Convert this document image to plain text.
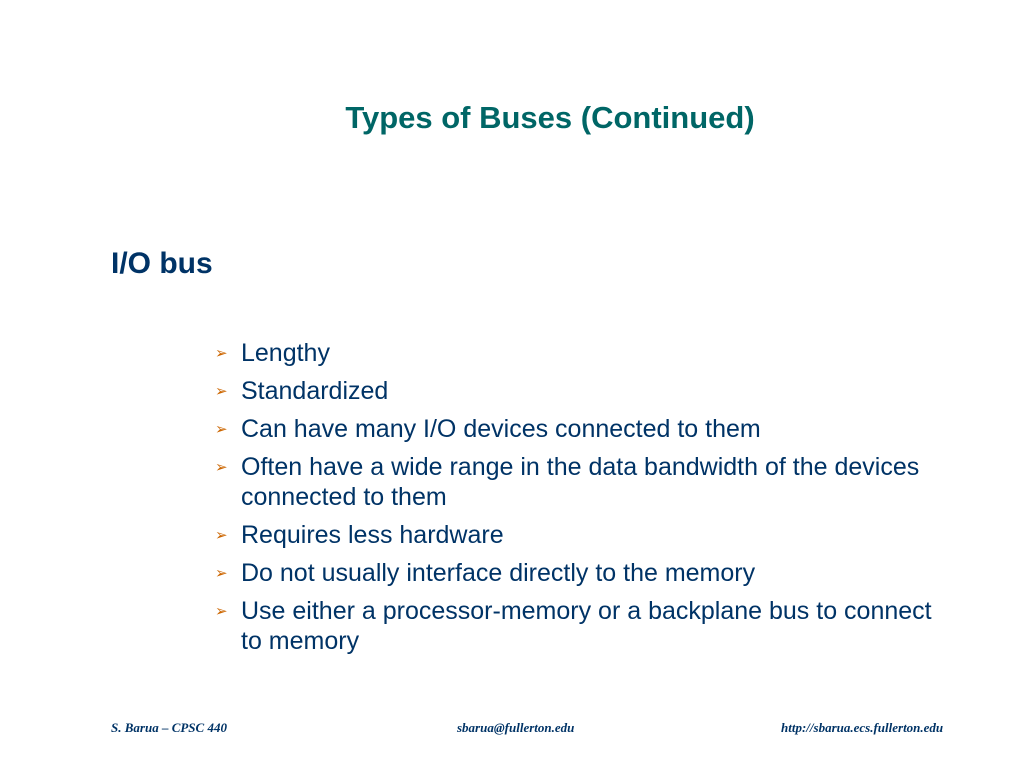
Types of Buses (Continued)
I/O bus
➢ Lengthy
➢ Standardized
➢ Can have many I/O devices connected to them
➢ Often have a wide range in the data bandwidth of the devices connected to them
➢ Requires less hardware
➢ Do not usually interface directly to the memory
➢ Use either a processor-memory or a backplane bus to connect to memory
S. Barua – CPSC 440	sbarua@fullerton.edu	http://sbarua.ecs.fullerton.edu
